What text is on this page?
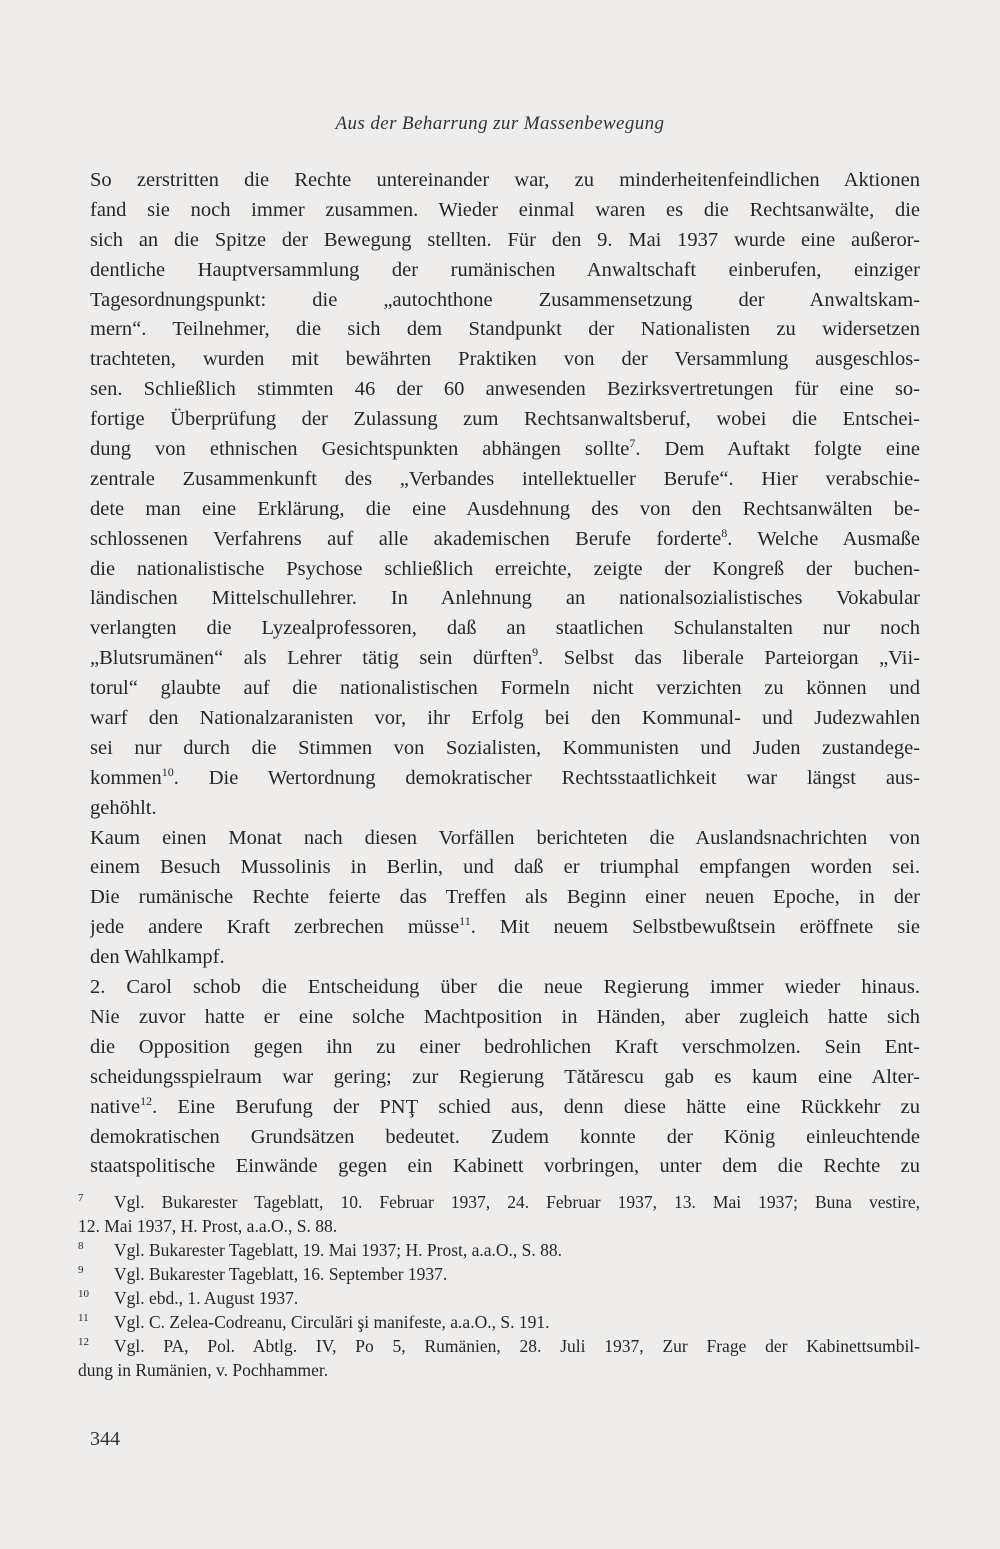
Aus der Beharrung zur Massenbewegung
So zerstritten die Rechte untereinander war, zu minderheitenfeindlichen Aktionen
fand sie noch immer zusammen. Wieder einmal waren es die Rechtsanwälte, die
sich an die Spitze der Bewegung stellten. Für den 9. Mai 1937 wurde eine außeror-
dentliche Hauptversammlung der rumänischen Anwaltschaft einberufen, einziger
Tagesordnungspunkt: die „autochthone Zusammensetzung der Anwaltskam-
mern“. Teilnehmer, die sich dem Standpunkt der Nationalisten zu widersetzen
trachteten, wurden mit bewährten Praktiken von der Versammlung ausgeschlos-
sen. Schließlich stimmten 46 der 60 anwesenden Bezirksvertretungen für eine so-
fortige Überprüfung der Zulassung zum Rechtsanwaltsberuf, wobei die Entschei-
dung von ethnischen Gesichtspunkten abhängen sollte$^7$. Dem Auftakt folgte eine
zentrale Zusammenkunft des „Verbandes intellektueller Berufe“. Hier verabschie-
dete man eine Erklärung, die eine Ausdehnung des von den Rechtsanwälten be-
schlossenen Verfahrens auf alle akademischen Berufe forderte$^8$. Welche Ausmaße
die nationalistische Psychose schließlich erreichte, zeigte der Kongreß der buchen-
ländischen Mittelschullehrer. In Anlehnung an nationalsozialistisches Vokabular
verlangten die Lyzealprofessoren, daß an staatlichen Schulanstalten nur noch
„Blutsrumänen“ als Lehrer tätig sein dürften$^9$. Selbst das liberale Parteiorgan „Vii-
torul“ glaubte auf die nationalistischen Formeln nicht verzichten zu können und
warf den Nationalzaranisten vor, ihr Erfolg bei den Kommunal- und Judezwahlen
sei nur durch die Stimmen von Sozialisten, Kommunisten und Juden zustandege-
kommen$^{10}$. Die Wertordnung demokratischer Rechtsstaatlichkeit war längst aus-
gehöhlt.
Kaum einen Monat nach diesen Vorfällen berichteten die Auslandsnachrichten von
einem Besuch Mussolinis in Berlin, und daß er triumphal empfangen worden sei.
Die rumänische Rechte feierte das Treffen als Beginn einer neuen Epoche, in der
jede andere Kraft zerbrechen müsse$^{11}$. Mit neuem Selbstbewußtsein eröffnete sie
den Wahlkampf.
2. Carol schob die Entscheidung über die neue Regierung immer wieder hinaus.
Nie zuvor hatte er eine solche Machtposition in Händen, aber zugleich hatte sich
die Opposition gegen ihn zu einer bedrohlichen Kraft verschmolzen. Sein Ent-
scheidungsspielraum war gering; zur Regierung Tătărescu gab es kaum eine Alter-
native$^{12}$. Eine Berufung der PNŢ schied aus, denn diese hätte eine Rückkehr zu
demokratischen Grundsätzen bedeutet. Zudem konnte der König einleuchtende
staatspolitische Einwände gegen ein Kabinett vorbringen, unter dem die Rechte zu
7 Vgl. Bukarester Tageblatt, 10. Februar 1937, 24. Februar 1937, 13. Mai 1937; Buna vestire,
12. Mai 1937, H. Prost, a.a.O., S. 88.
8 Vgl. Bukarester Tageblatt, 19. Mai 1937; H. Prost, a.a.O., S. 88.
9 Vgl. Bukarester Tageblatt, 16. September 1937.
10 Vgl. ebd., 1. August 1937.
11 Vgl. C. Zelea-Codreanu, Circulări şi manifeste, a.a.O., S. 191.
12 Vgl. PA, Pol. Abtlg. IV, Po 5, Rumänien, 28. Juli 1937, Zur Frage der Kabinettsumbil-
dung in Rumänien, v. Pochhammer.
344
